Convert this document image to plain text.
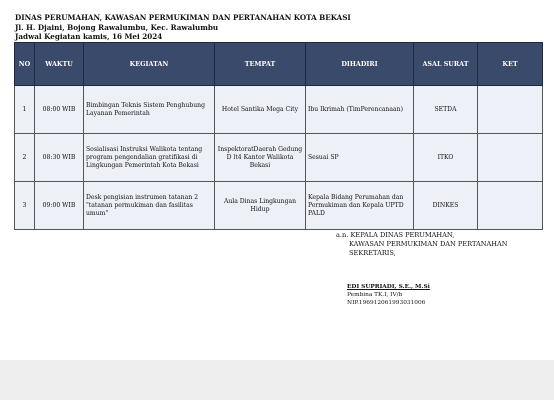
DINAS PERUMAHAN, KAWASAN PERMUKIMAN DAN PERTANAHAN KOTA BEKASI
Jl. H. Djaini, Bojong Rawalumbu, Kec. Rawalumbu
Jadwal Kegiatan kamis, 16 Mei 2024
NO	WAKTU	KEGIATAN	TEMPAT	DIHADIRI	ASAL SURAT	KET
1	08:00 WIB	Bimbingan Teknis Sistem Penghubung Layanan Pemerintah	Hotel Santika Mega City	Ibu Ikrimah (TimPerencanaan)	SETDA	
2	08:30 WIB	Sosialisasi Instruksi Walikota tentang program pengendalian gratifikasi di Lingkungan Pemerintah Kota Bekasi	InspektoratDaerah Gedung D lt4 Kantor Walikota Bekasi	Sesuai SP	ITKO	
3	09:00 WIB	Desk pengisian instrumen tatanan 2 "tatanan permukiman dan fasilitas umum"	Aula Dinas Lingkungan Hidup	Kepala Bidang Perumahan dan Permukiman dan Kepala UPTD PALD	DINKES	
a.n. KEPALA DINAS PERUMAHAN,
KAWASAN PERMUKIMAN DAN PERTANAHAN
SEKRETARIS,
EDI SUPRIADI, S.E., M.Si
Pembina TK.I, IV/b
NIP.196912061993031006
